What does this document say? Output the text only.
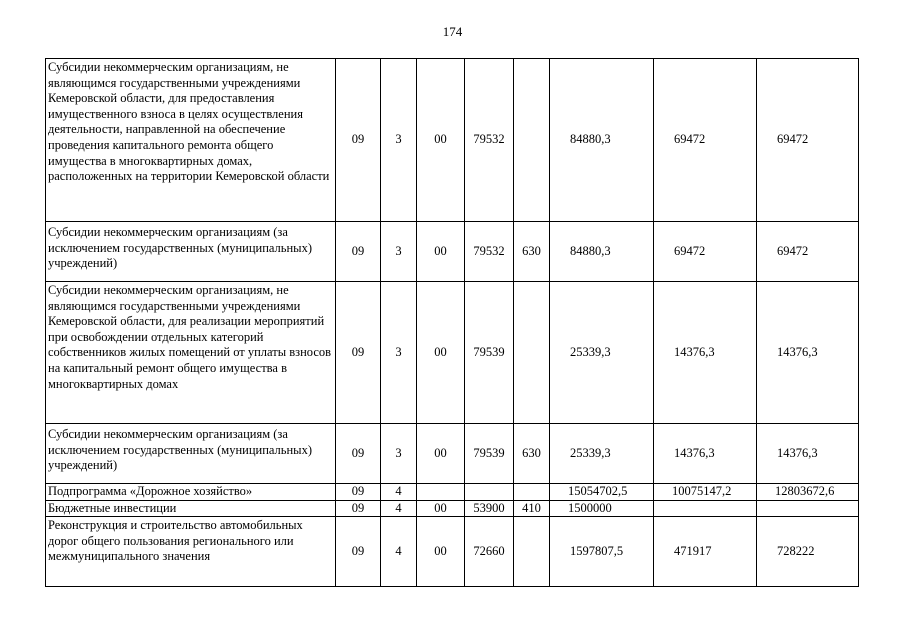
174
Субсидии некоммерческим организациям, не являющимся государственными учреждениями Кемеровской области, для предоставления имущественного взноса в целях осуществления деятельности, направленной на обеспечение проведения капитального ремонта общего имущества в многоквартирных домах, расположенных на территории Кемеровской области	09	3	00	79532		84880,3	69472	69472
Субсидии некоммерческим организациям (за исключением государственных (муниципальных) учреждений)	09	3	00	79532	630	84880,3	69472	69472
Субсидии некоммерческим организациям, не являющимся государственными учреждениями Кемеровской области, для реализации мероприятий при освобождении отдельных категорий собственников жилых помещений от уплаты взносов на капитальный ремонт общего имущества в многоквартирных домах	09	3	00	79539		25339,3	14376,3	14376,3
Субсидии некоммерческим организациям (за исключением государственных (муниципальных) учреждений)	09	3	00	79539	630	25339,3	14376,3	14376,3
Подпрограмма «Дорожное хозяйство»	09	4				15054702,5	10075147,2	12803672,6
Бюджетные инвестиции	09	4	00	53900	410	1500000		
Реконструкция и строительство автомобильных дорог общего пользования регионального или межмуниципального значения	09	4	00	72660		1597807,5	471917	728222
